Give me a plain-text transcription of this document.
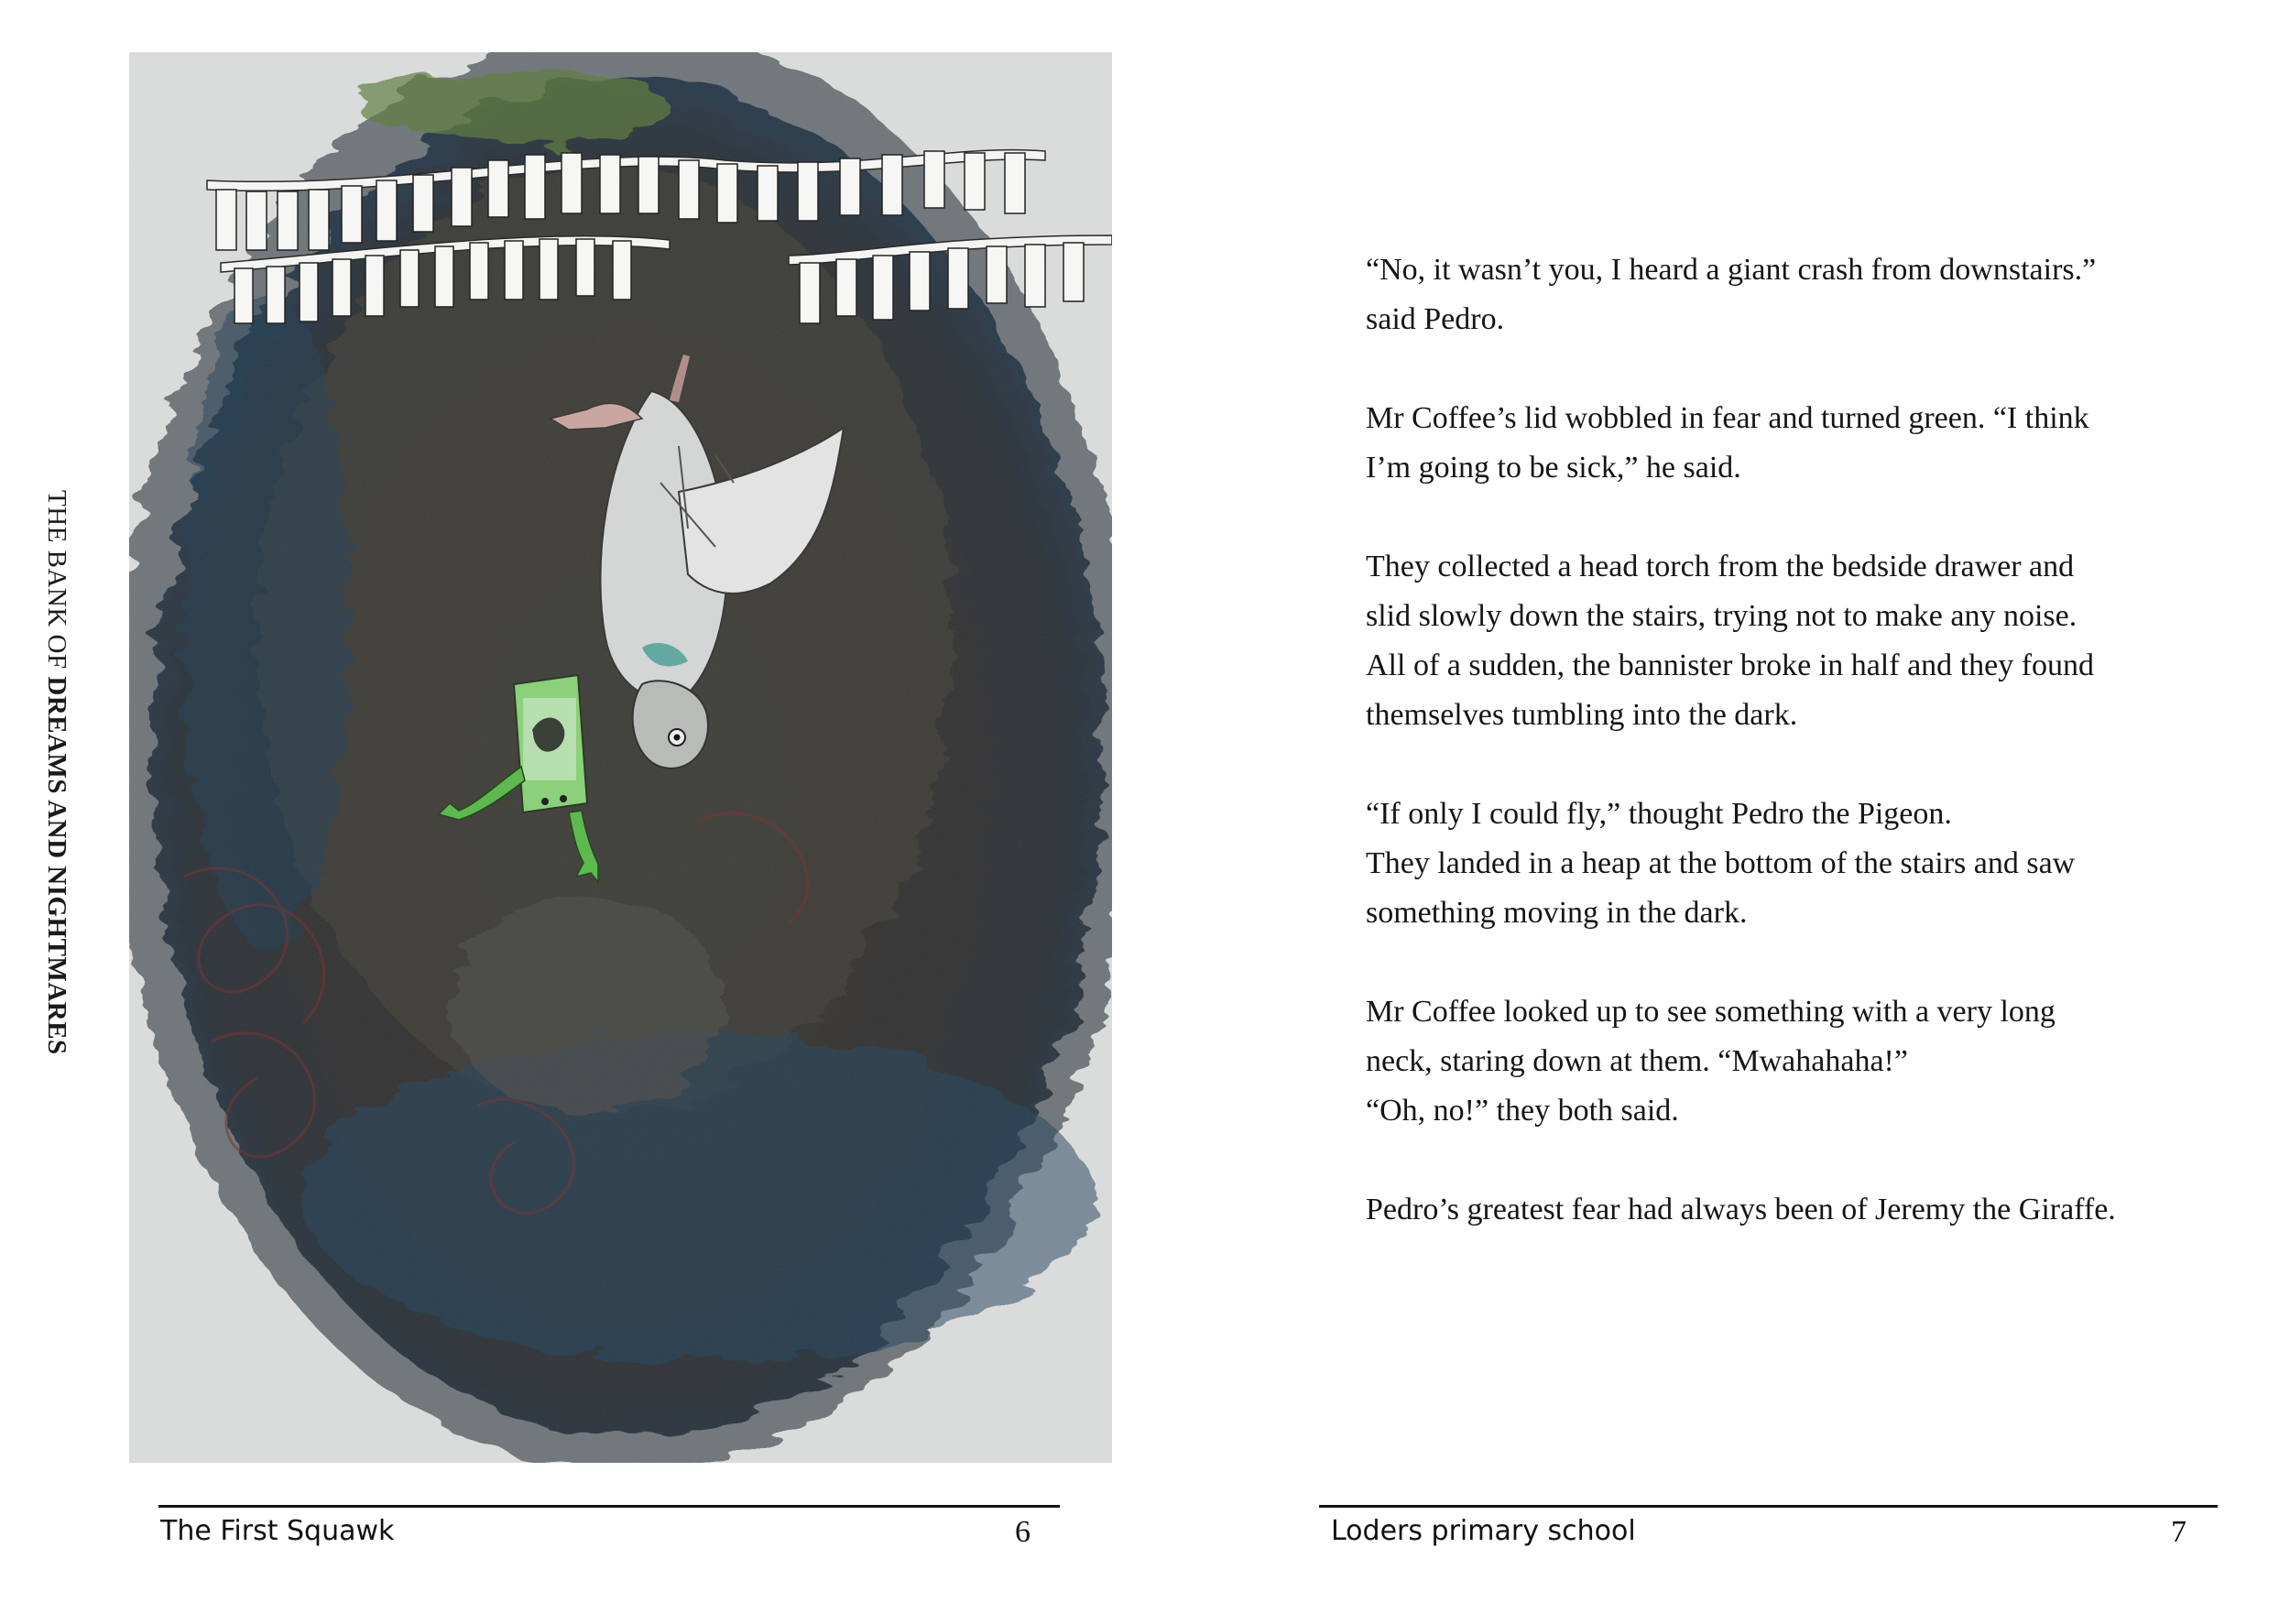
THE BANK OF DREAMS AND NIGHTMARES

“No, it wasn’t you, I heard a giant crash from downstairs.”
said Pedro.

Mr Coffee’s lid wobbled in fear and turned green. “I think
I’m going to be sick,” he said.

They collected a head torch from the bedside drawer and
slid slowly down the stairs, trying not to make any noise.
All of a sudden, the bannister broke in half and they found
themselves tumbling into the dark.

“If only I could fly,” thought Pedro the Pigeon.
They landed in a heap at the bottom of the stairs and saw
something moving in the dark.

Mr Coffee looked up to see something with a very long
neck, staring down at them. “Mwahahaha!”
“Oh, no!” they both said.

Pedro’s greatest fear had always been of Jeremy the Giraffe.

The First Squawk	6	Loders primary school	7
